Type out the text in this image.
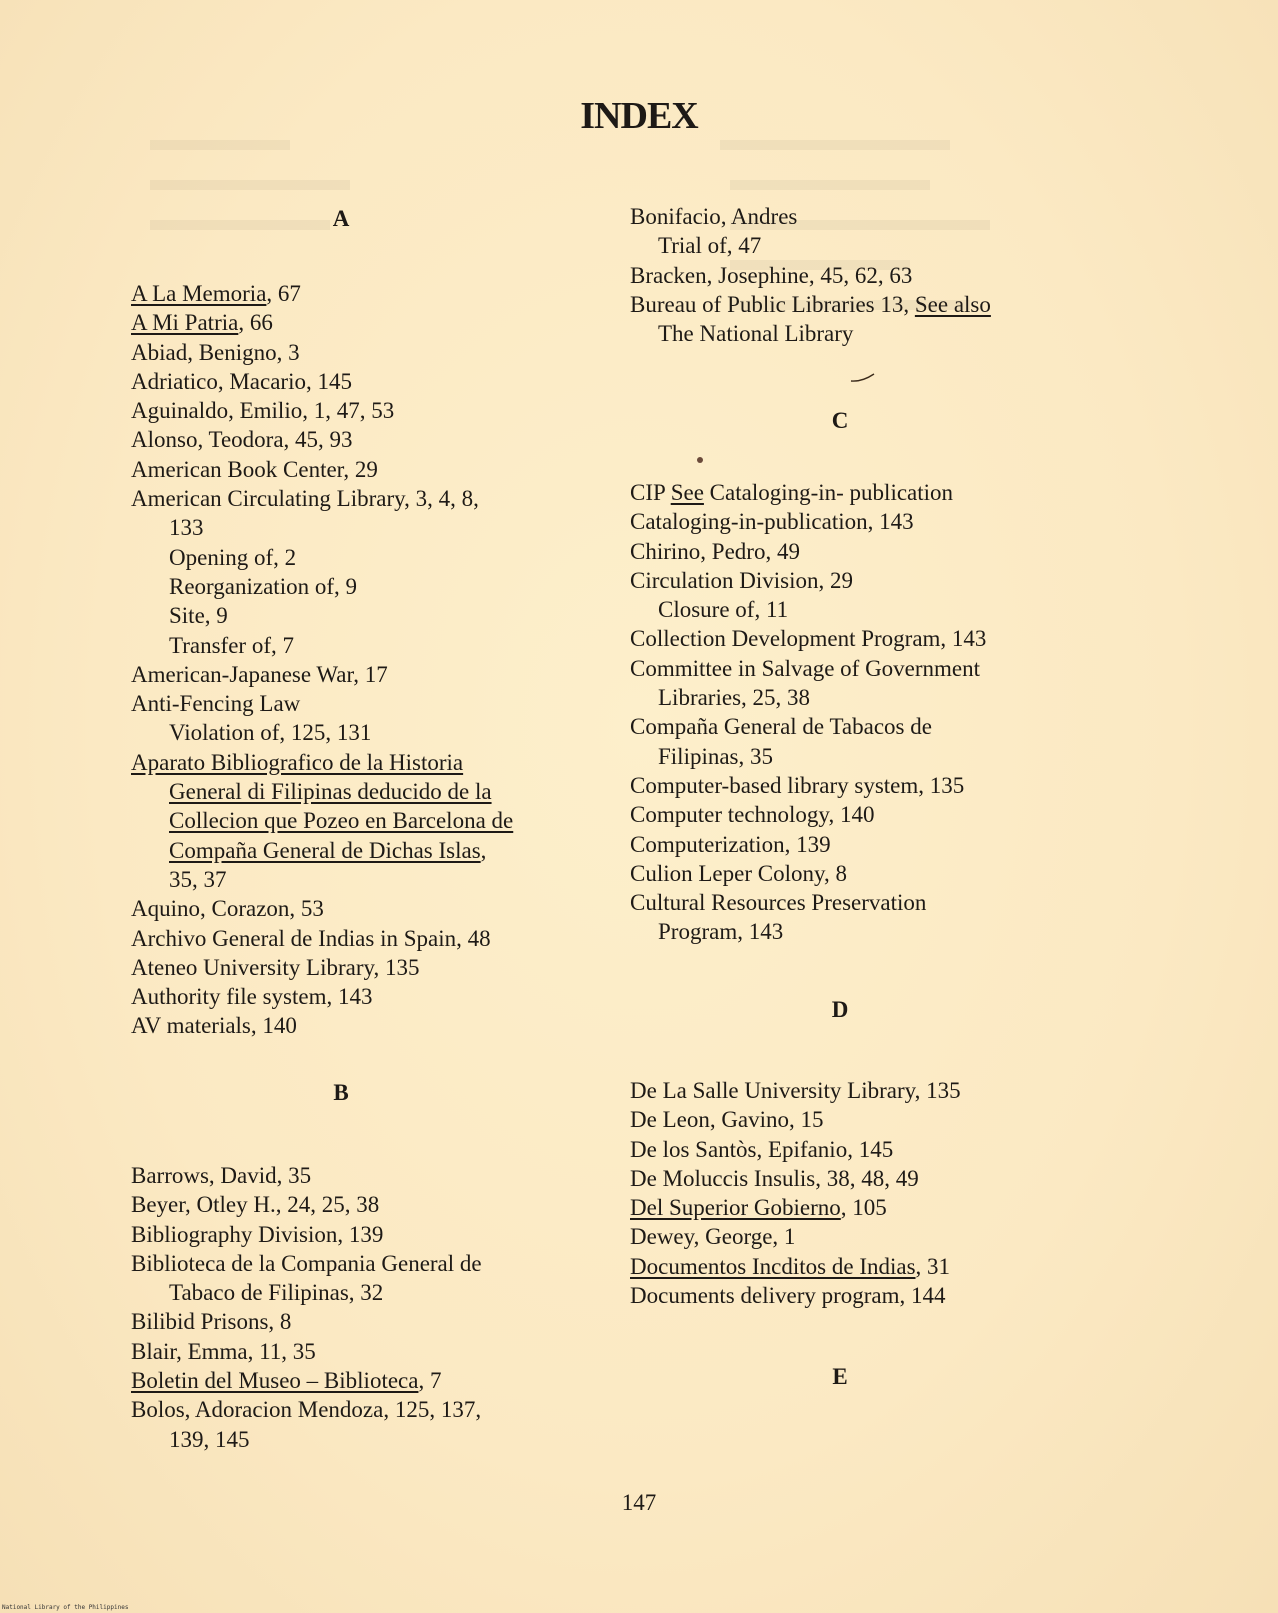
INDEX
A
A La Memoria, 67
A Mi Patria, 66
Abiad, Benigno, 3
Adriatico, Macario, 145
Aguinaldo, Emilio, 1, 47, 53
Alonso, Teodora, 45, 93
American Book Center, 29
American Circulating Library, 3, 4, 8,
133
Opening of, 2
Reorganization of, 9
Site, 9
Transfer of, 7
American-Japanese War, 17
Anti-Fencing Law
Violation of, 125, 131
Aparato Bibliografico de la Historia
General di Filipinas deducido de la
Collecion que Pozeo en Barcelona de
Compaña General de Dichas Islas,
35, 37
Aquino, Corazon, 53
Archivo General de Indias in Spain, 48
Ateneo University Library, 135
Authority file system, 143
AV materials, 140
B
Barrows, David, 35
Beyer, Otley H., 24, 25, 38
Bibliography Division, 139
Biblioteca de la Compania General de
Tabaco de Filipinas, 32
Bilibid Prisons, 8
Blair, Emma, 11, 35
Boletin del Museo – Biblioteca, 7
Bolos, Adoracion Mendoza, 125, 137,
139, 145
Bonifacio, Andres
Trial of, 47
Bracken, Josephine, 45, 62, 63
Bureau of Public Libraries 13, See also
The National Library
C
CIP See Cataloging-in- publication
Cataloging-in-publication, 143
Chirino, Pedro, 49
Circulation Division, 29
Closure of, 11
Collection Development Program, 143
Committee in Salvage of Government
Libraries, 25, 38
Compaña General de Tabacos de
Filipinas, 35
Computer-based library system, 135
Computer technology, 140
Computerization, 139
Culion Leper Colony, 8
Cultural Resources Preservation
Program, 143
D
De La Salle University Library, 135
De Leon, Gavino, 15
De los Santòs, Epifanio, 145
De Moluccis Insulis, 38, 48, 49
Del Superior Gobierno, 105
Dewey, George, 1
Documentos Incditos de Indias, 31
Documents delivery program, 144
E
147
National Library of the Philippines
